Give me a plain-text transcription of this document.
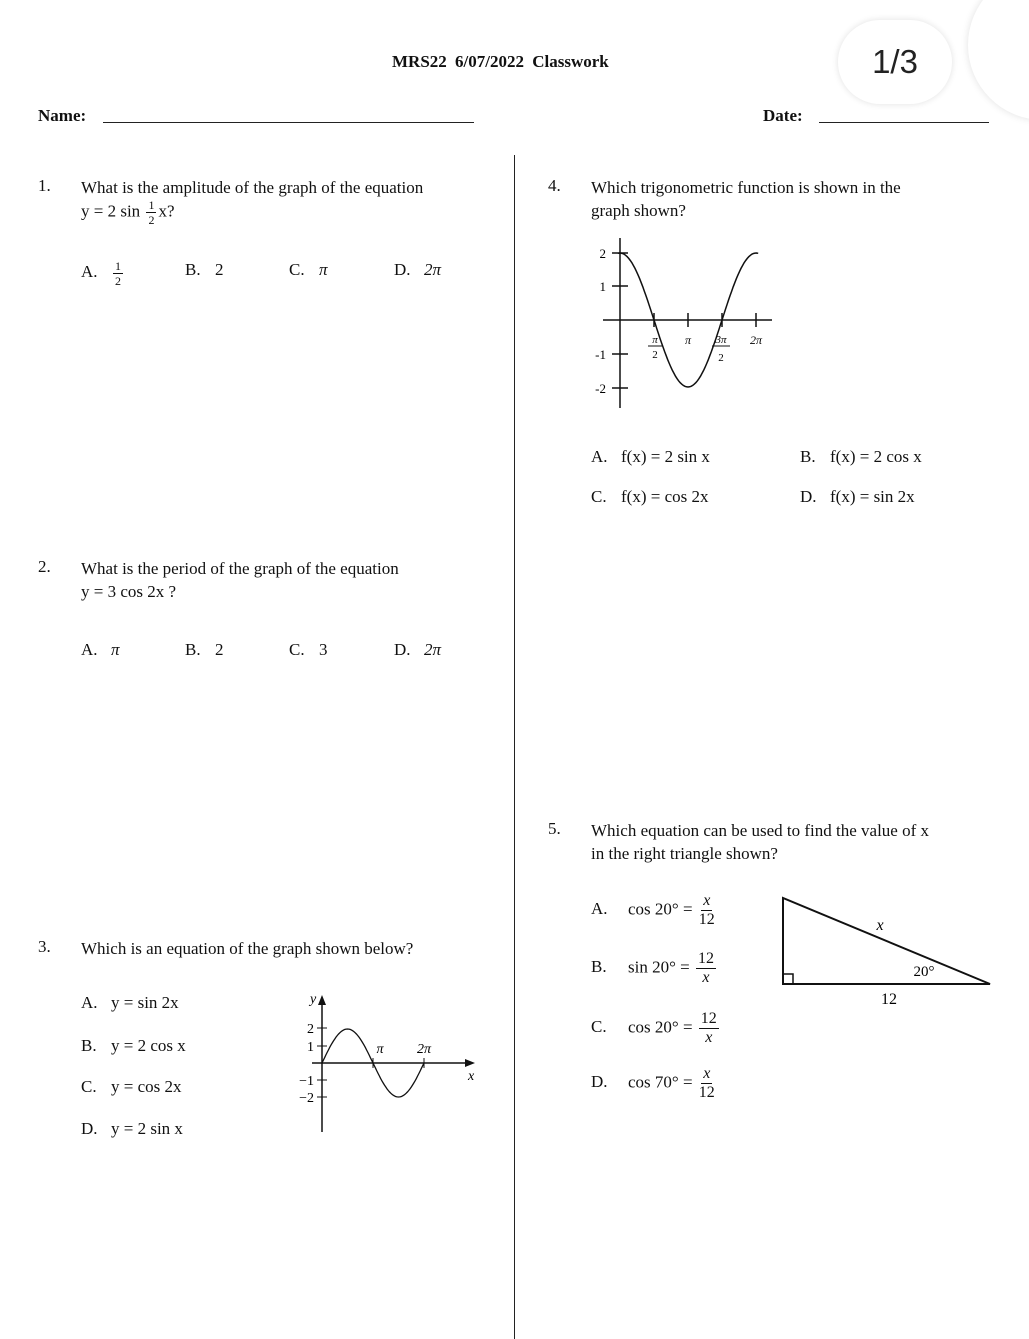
MRS22 6/07/2022 Classwork	1/3
Name:	Date:
1. What is the amplitude of the graph of the equation
y = 2 $\sin \frac{1}{2} x$?
A. $\frac{1}{2}$	B. 2	C. π	D. 2π
2. What is the period of the graph of the equation
y = 3 cos 2x ?
A. π	B. 2	C. 3	D. 2π
3. Which is an equation of the graph shown below?
A. y = sin 2x
B. y = 2 cos x
C. y = cos 2x
D. y = 2 sin x
y
x
2
1
−1
−2
π 2π
4. Which trigonometric function is shown in the
graph shown?
2
1
-1
-2
π
2
π 3π
2
2π
A. f(x) = 2 sin x	B. f(x) = 2 cos x
C. f(x) = cos 2x	D. f(x) = sin 2x
5. Which equation can be used to find the value of x
in the right triangle shown?
A. $\cos 20^\circ = \frac{x}{12}$
B. $\sin 20^\circ = \frac{12}{x}$
C. $\cos 20^\circ = \frac{12}{x}$
D. $\cos 70^\circ = \frac{x}{12}$
x
12
20°
